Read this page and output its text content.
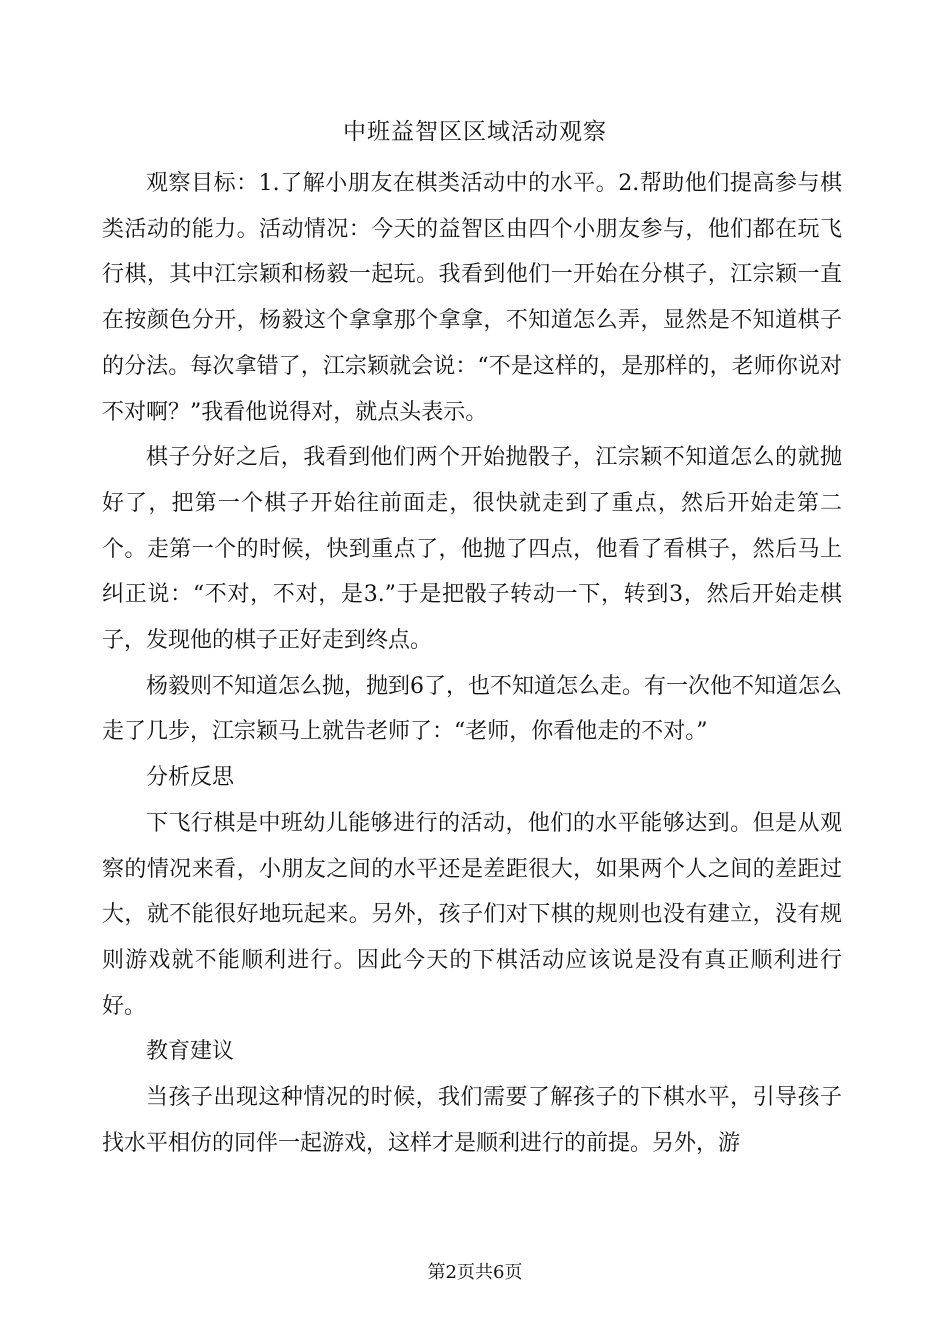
中班益智区区域活动观察

观察目标：1.了解小朋友在棋类活动中的水平。2.帮助他们提高参与棋类活动的能力。活动情况：今天的益智区由四个小朋友参与，他们都在玩飞行棋，其中江宗颖和杨毅一起玩。我看到他们一开始在分棋子，江宗颖一直在按颜色分开，杨毅这个拿拿那个拿拿，不知道怎么弄，显然是不知道棋子的分法。每次拿错了，江宗颖就会说：“不是这样的，是那样的，老师你说对不对啊？”我看他说得对，就点头表示。

棋子分好之后，我看到他们两个开始抛骰子，江宗颖不知道怎么的就抛好了，把第一个棋子开始往前面走，很快就走到了重点，然后开始走第二个。走第一个的时候，快到重点了，他抛了四点，他看了看棋子，然后马上纠正说：“不对，不对，是3.”于是把骰子转动一下，转到3，然后开始走棋子，发现他的棋子正好走到终点。

杨毅则不知道怎么抛，抛到6了，也不知道怎么走。有一次他不知道怎么走了几步，江宗颖马上就告老师了：“老师，你看他走的不对。”

分析反思

下飞行棋是中班幼儿能够进行的活动，他们的水平能够达到。但是从观察的情况来看，小朋友之间的水平还是差距很大，如果两个人之间的差距过大，就不能很好地玩起来。另外，孩子们对下棋的规则也没有建立，没有规则游戏就不能顺利进行。因此今天的下棋活动应该说是没有真正顺利进行好。

教育建议

当孩子出现这种情况的时候，我们需要了解孩子的下棋水平，引导孩子找水平相仿的同伴一起游戏，这样才是顺利进行的前提。另外，游

第2页共6页
